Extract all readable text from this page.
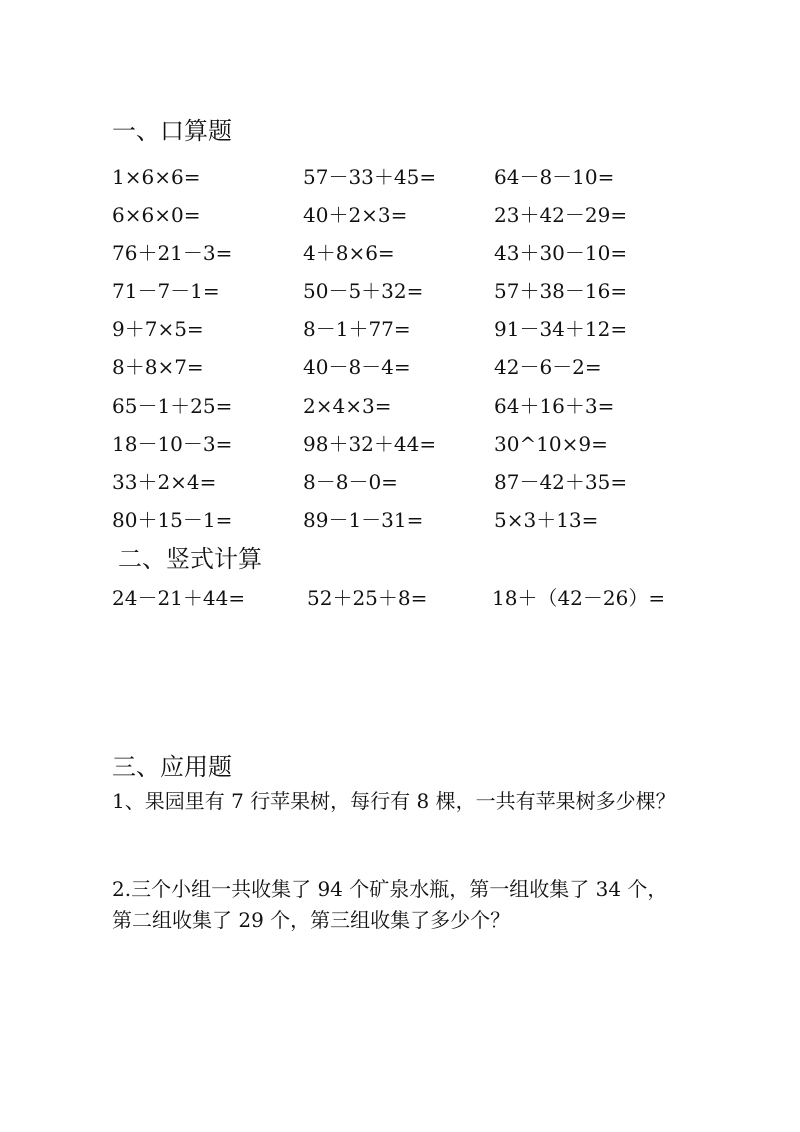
一、口算题
1×6×6=	57－33＋45=	64－8－10=
6×6×0=	40＋2×3=	23＋42－29=
76＋21－3=	4＋8×6=	43＋30－10=
71－7－1=	50－5＋32=	57＋38－16=
9＋7×5=	8－1＋77=	91－34＋12=
8＋8×7=	40－8－4=	42－6－2=
65－1＋25=	2×4×3=	64＋16＋3=
18－10－3=	98＋32＋44=	30^10×9=
33＋2×4=	8－8－0=	87－42＋35=
80＋15－1=	89－1－31=	5×3＋13=
二、竖式计算
24－21＋44=	52＋25＋8=	18＋（42－26）=
三、应用题
1、果园里有 7 行苹果树，每行有 8 棵，一共有苹果树多少棵？
2.三个小组一共收集了 94 个矿泉水瓶，第一组收集了 34 个，
第二组收集了 29 个，第三组收集了多少个？
